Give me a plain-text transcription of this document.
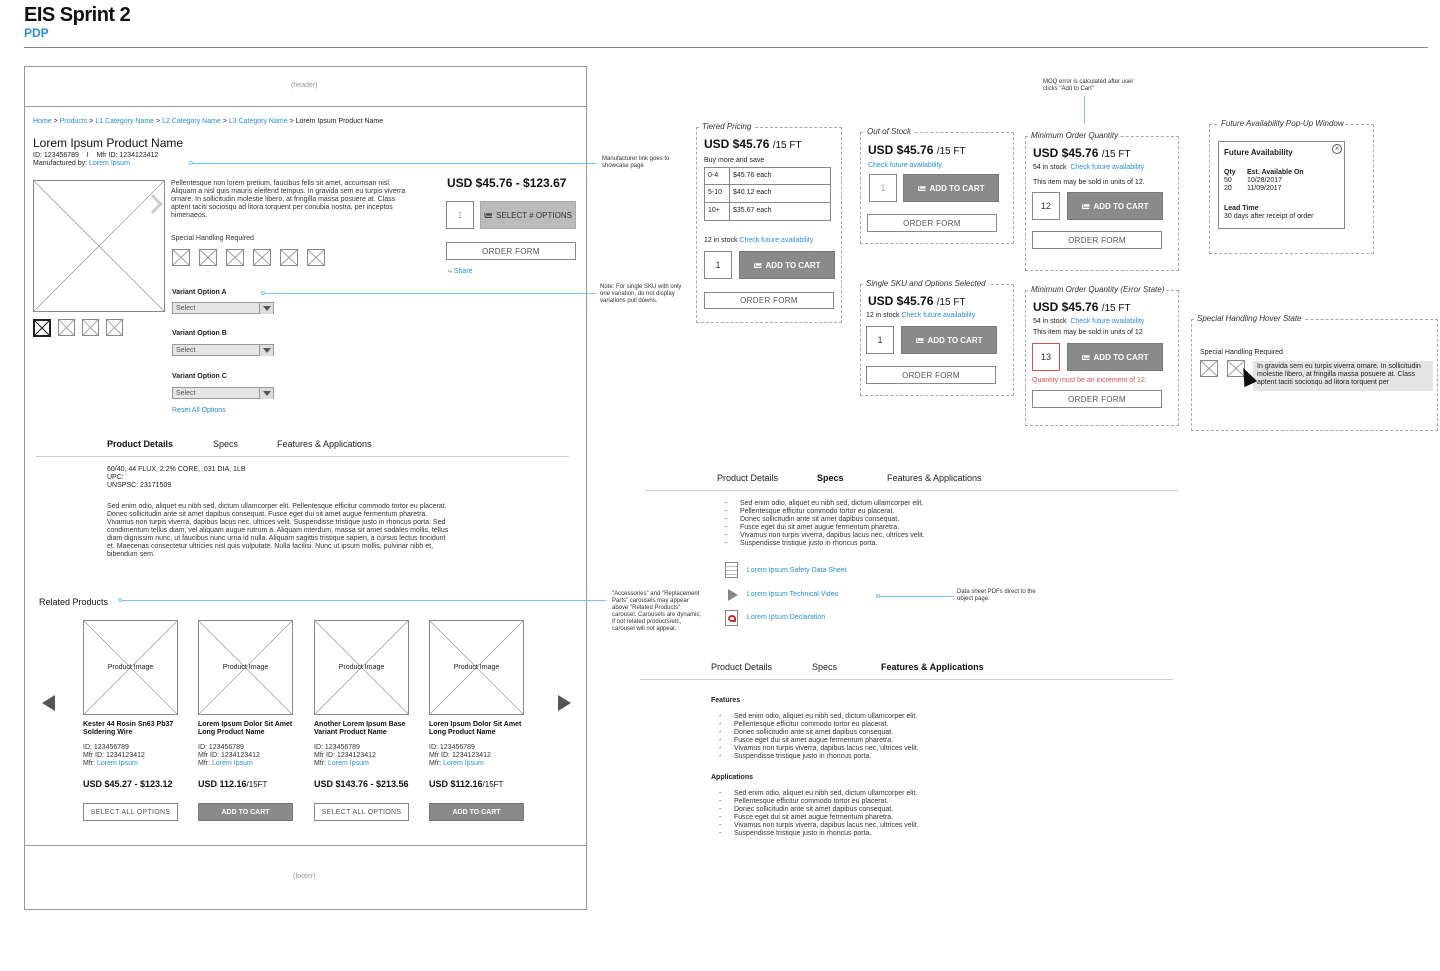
EIS Sprint 2
PDP
(header)
Home > Products > L1 Category Name > L2 Category Name > L3 Category Name > Lorem Ipsum Product Name
Lorem Ipsum Product Name
ID: 123456789 I Mfr ID: 1234123412
Manufactured by: Lorem Ipsum
Pellentesque non lorem pretium, faucibus felis sit amet, accumsan nisl. Aliquam a nisl quis mauris eleifend tempus. In gravida sem eu turpis viverra ornare. In sollicitudin molestie libero, at fringilla massa posuere at. Class aptent taciti sociosqu ad litora torquent per conubia nostra, per inceptos himenaeos.
Special Handling Required
Variant Option A
Select
Variant Option B
Select
Variant Option C
Select
Reset All Options
USD $45.76 - $123.67
1	SELECT # OPTIONS
ORDER FORM
⤷ Share
Product Details	Specs	Features & Applications
60/40, 44 FLUX, 2.2% CORE, .031 DIA, 1LB
UPC:
UNSPSC: 23171509
Sed enim odio, aliquet eu nibh sed, dictum ullamcorper elit. Pellentesque efficitur commodo tortor eu placerat. Donec sollicitudin ante sit amet dapibus consequat. Fusce eget dui sit amet augue fermentum pharetra. Vivamus non turpis viverra, dapibus lacus nec, ultrices velit. Suspendisse tristique justo in rhoncus porta. Sed condimentum tellus diam, vel aliquam augue rutrum a. Aliquam interdum, massa sit amet sodales mollis, tellus diam dignissim nunc, ut faucibus nunc urna id nulla. Aliquam sagittis tristique sapien, a cursus lectus tincidunt et. Maecenas consectetur ultricies nisl quis vulputate. Nulla facilisi. Nunc ut ipsum mollis, pulvinar nibh et, bibendum sem.
Related Products
Product Image
Kester 44 Rosin Sn63 Pb37 Soldering Wire
ID: 123456789
Mfr ID: 1234123412
Mfr: Lorem Ipsum
USD $45.27 - $123.12
SELECT ALL OPTIONS
Product Image
Lorem Ipsum Dolor Sit Amet Long Product Name
ID: 123456789
Mfr ID: 1234123412
Mfr: Lorem Ipsum
USD 112.16/15FT
ADD TO CART
Product Image
Another Lorem Ipsum Base Variant Product Name
ID: 123456789
Mfr ID: 1234123412
Mfr: Lorem Ipsum
USD $143.76 - $213.56
SELECT ALL OPTIONS
Product Image
Loren Ipsum Dolor Sit Amet Long Product Name
ID: 123456789
Mfr ID: 1234123412
Mfr: Lorem Ipsum
USD $112.16/15FT
ADD TO CART
(footer)
Manufacturer link goes to showcase page
Note: For single SKU with only one variation, do not display variations pull downs.
"Accessories" and "Replacement Parts" carousels may appear above "Related Products" carousel. Carousels are dynamic; if not related products/etc, carousel will not appear.
MOQ error is calculated after user clicks "Add to Cart"
Data sheet PDFs direct to the object page.
Tiered Pricing
USD $45.76 /15 FT
Buy more and save
0-4 $45.76 each
5-10 $40.12 each
10+ $35.67 each
12 in stock Check future availability
1	ADD TO CART
ORDER FORM
Out of Stock
USD $45.76 /15 FT
Check future availability
1	ADD TO CART
ORDER FORM
Single SKU and Options Selected
USD $45.76 /15 FT
12 in stock Check future availability
1	ADD TO CART
ORDER FORM
Minimum Order Quantity
USD $45.76 /15 FT
54 in stock Check future availability
This item may be sold in units of 12.
12	ADD TO CART
ORDER FORM
Minimum Order Quantity (Error State)
USD $45.76 /15 FT
54 in stock Check future availability
This item may be sold in units of 12
13	ADD TO CART
Quantity must be an increment of 12.
ORDER FORM
Future Availability Pop-Up Window
Future Availability	×
Qty Est. Available On
50 10/28/2017
20 11/09/2017
Lead Time
30 days after receipt of order
Special Handling Hover State
Special Handling Required
In gravida sem eu turpis viverra ornare. In sollicitudin molestie libero, at fringilla massa posuere at. Class aptent taciti sociosqu ad litora torquent per
Product Details	Specs	Features & Applications
- Sed enim odio, aliquet eu nibh sed, dictum ullamcorper elit.
- Pellentesque efficitur commodo tortor eu placerat.
- Donec sollicitudin ante sit amet dapibus consequat.
- Fusce eget dui sit amet augue fermentum pharetra.
- Vivamus non turpis viverra, dapibus lacus nec, ultrices velit.
- Suspendisse tristique justo in rhoncus porta.
Lorem Ipsum Safety Data Sheet
Lorem Ipsum Technical Video
Lorem Ipsum Declaration
Product Details	Specs	Features & Applications
Features
- Sed enim odio, aliquet eu nibh sed, dictum ullamcorper elit.
- Pellentesque efficitur commodo tortor eu placerat.
- Donec sollicitudin ante sit amet dapibus consequat.
- Fusce eget dui sit amet augue fermentum pharetra.
- Vivamus non turpis viverra, dapibus lacus nec, ultrices velit.
- Suspendisse tristique justo in rhoncus porta.
Applications
- Sed enim odio, aliquet eu nibh sed, dictum ullamcorper elit.
- Pellentesque efficitur commodo tortor eu placerat.
- Donec sollicitudin ante sit amet dapibus consequat.
- Fusce eget dui sit amet augue fermentum pharetra.
- Vivamus non turpis viverra, dapibus lacus nec, ultrices velit.
- Suspendisse tristique justo in rhoncus porta.
